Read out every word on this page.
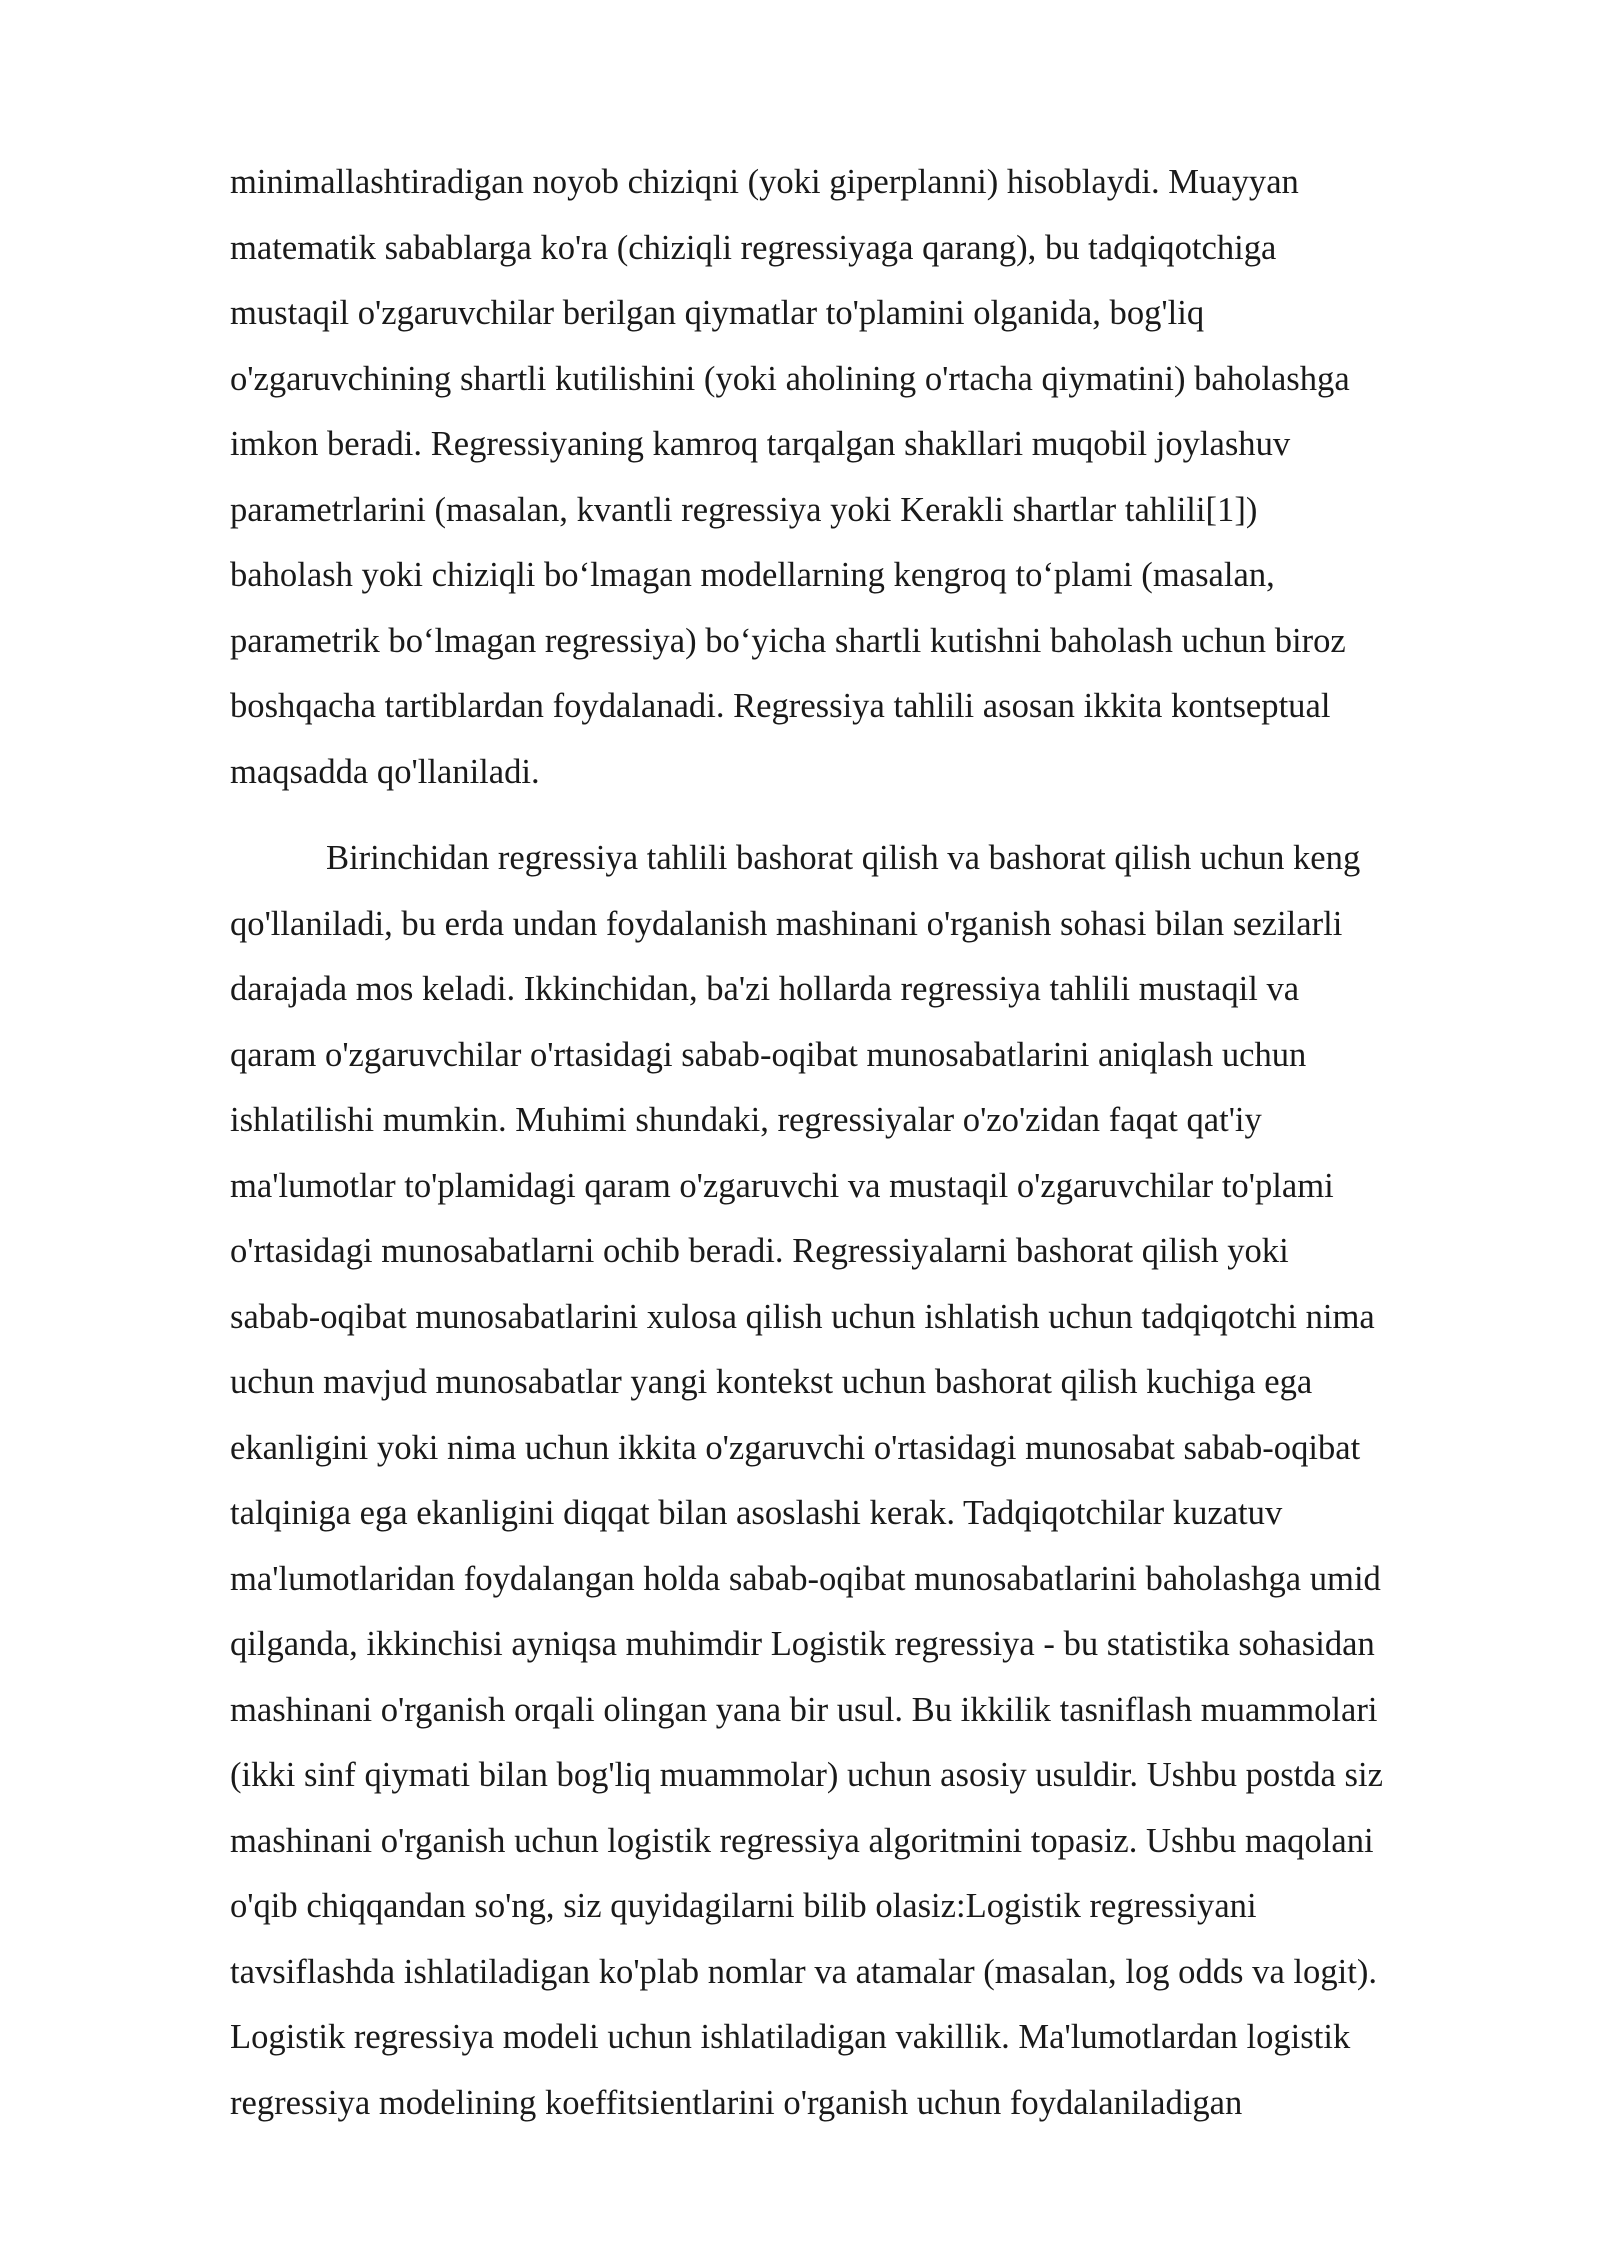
minimallashtiradigan noyob chiziqni (yoki giperplanni) hisoblaydi. Muayyan
matematik sabablarga ko'ra (chiziqli regressiyaga qarang), bu tadqiqotchiga
mustaqil o'zgaruvchilar berilgan qiymatlar to'plamini olganida, bog'liq
o'zgaruvchining shartli kutilishini (yoki aholining o'rtacha qiymatini) baholashga
imkon beradi. Regressiyaning kamroq tarqalgan shakllari muqobil joylashuv
parametrlarini (masalan, kvantli regressiya yoki Kerakli shartlar tahlili[1])
baholash yoki chiziqli bo‘lmagan modellarning kengroq to‘plami (masalan,
parametrik bo‘lmagan regressiya) bo‘yicha shartli kutishni baholash uchun biroz
boshqacha tartiblardan foydalanadi. Regressiya tahlili asosan ikkita kontseptual
maqsadda qo'llaniladi.
Birinchidan regressiya tahlili bashorat qilish va bashorat qilish uchun keng
qo'llaniladi, bu erda undan foydalanish mashinani o'rganish sohasi bilan sezilarli
darajada mos keladi. Ikkinchidan, ba'zi hollarda regressiya tahlili mustaqil va
qaram o'zgaruvchilar o'rtasidagi sabab-oqibat munosabatlarini aniqlash uchun
ishlatilishi mumkin. Muhimi shundaki, regressiyalar o'zo'zidan faqat qat'iy
ma'lumotlar to'plamidagi qaram o'zgaruvchi va mustaqil o'zgaruvchilar to'plami
o'rtasidagi munosabatlarni ochib beradi. Regressiyalarni bashorat qilish yoki
sabab-oqibat munosabatlarini xulosa qilish uchun ishlatish uchun tadqiqotchi nima
uchun mavjud munosabatlar yangi kontekst uchun bashorat qilish kuchiga ega
ekanligini yoki nima uchun ikkita o'zgaruvchi o'rtasidagi munosabat sabab-oqibat
talqiniga ega ekanligini diqqat bilan asoslashi kerak. Tadqiqotchilar kuzatuv
ma'lumotlaridan foydalangan holda sabab-oqibat munosabatlarini baholashga umid
qilganda, ikkinchisi ayniqsa muhimdir Logistik regressiya - bu statistika sohasidan
mashinani o'rganish orqali olingan yana bir usul. Bu ikkilik tasniflash muammolari
(ikki sinf qiymati bilan bog'liq muammolar) uchun asosiy usuldir. Ushbu postda siz
mashinani o'rganish uchun logistik regressiya algoritmini topasiz. Ushbu maqolani
o'qib chiqqandan so'ng, siz quyidagilarni bilib olasiz:Logistik regressiyani
tavsiflashda ishlatiladigan ko'plab nomlar va atamalar (masalan, log odds va logit).
Logistik regressiya modeli uchun ishlatiladigan vakillik. Ma'lumotlardan logistik
regressiya modelining koeffitsientlarini o'rganish uchun foydalaniladigan
